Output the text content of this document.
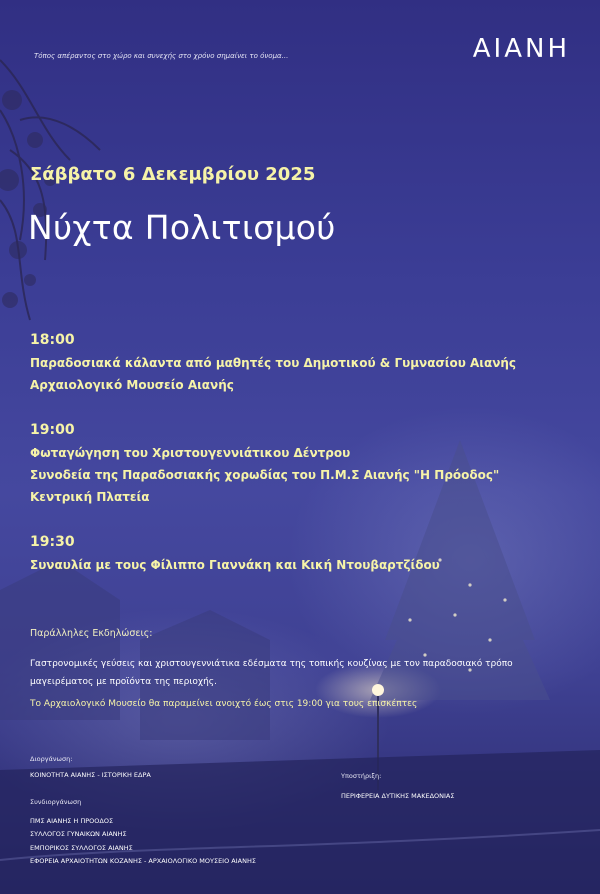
Τόπος απέραντος στο χώρο και συνεχής στο χρόνο σημαίνει το όνομα...	ΑΙΑΝΗ
Σάββατο 6 Δεκεμβρίου 2025
Νύχτα Πολιτισμού
18:00
Παραδοσιακά κάλαντα από μαθητές του Δημοτικού & Γυμνασίου Αιανής
Αρχαιολογικό Μουσείο Αιανής
19:00
Φωταγώγηση του Χριστουγεννιάτικου Δέντρου
Συνοδεία της Παραδοσιακής χορωδίας του Π.Μ.Σ Αιανής "Η Πρόοδος"
Κεντρική Πλατεία
19:30
Συναυλία με τους Φίλιππο Γιαννάκη και Κική Ντουβαρτζίδου
Παράλληλες Εκδηλώσεις:
Γαστρονομικές γεύσεις και χριστουγεννιάτικα εδέσματα της τοπικής κουζίνας με τον παραδοσιακό τρόπο μαγειρέματος με προϊόντα της περιοχής.
Το Αρχαιολογικό Μουσείο θα παραμείνει ανοιχτό έως στις 19:00 για τους επισκέπτες
Διοργάνωση:
ΚΟΙΝΟΤΗΤΑ ΑΙΑΝΗΣ - ΙΣΤΟΡΙΚΗ ΕΔΡΑ	Υποστήριξη:
ΠΕΡΙΦΕΡΕΙΑ ΔΥΤΙΚΗΣ ΜΑΚΕΔΟΝΙΑΣ
Συνδιοργάνωση
ΠΜΣ ΑΙΑΝΗΣ Η ΠΡΟΟΔΟΣ
ΣΥΛΛΟΓΟΣ ΓΥΝΑΙΚΩΝ ΑΙΑΝΗΣ
ΕΜΠΟΡΙΚΟΣ ΣΥΛΛΟΓΟΣ ΑΙΑΝΗΣ
ΕΦΟΡΕΙΑ ΑΡΧΑΙΟΤΗΤΩΝ ΚΟΖΑΝΗΣ - ΑΡΧΑΙΟΛΟΓΙΚΟ ΜΟΥΣΕΙΟ ΑΙΑΝΗΣ
